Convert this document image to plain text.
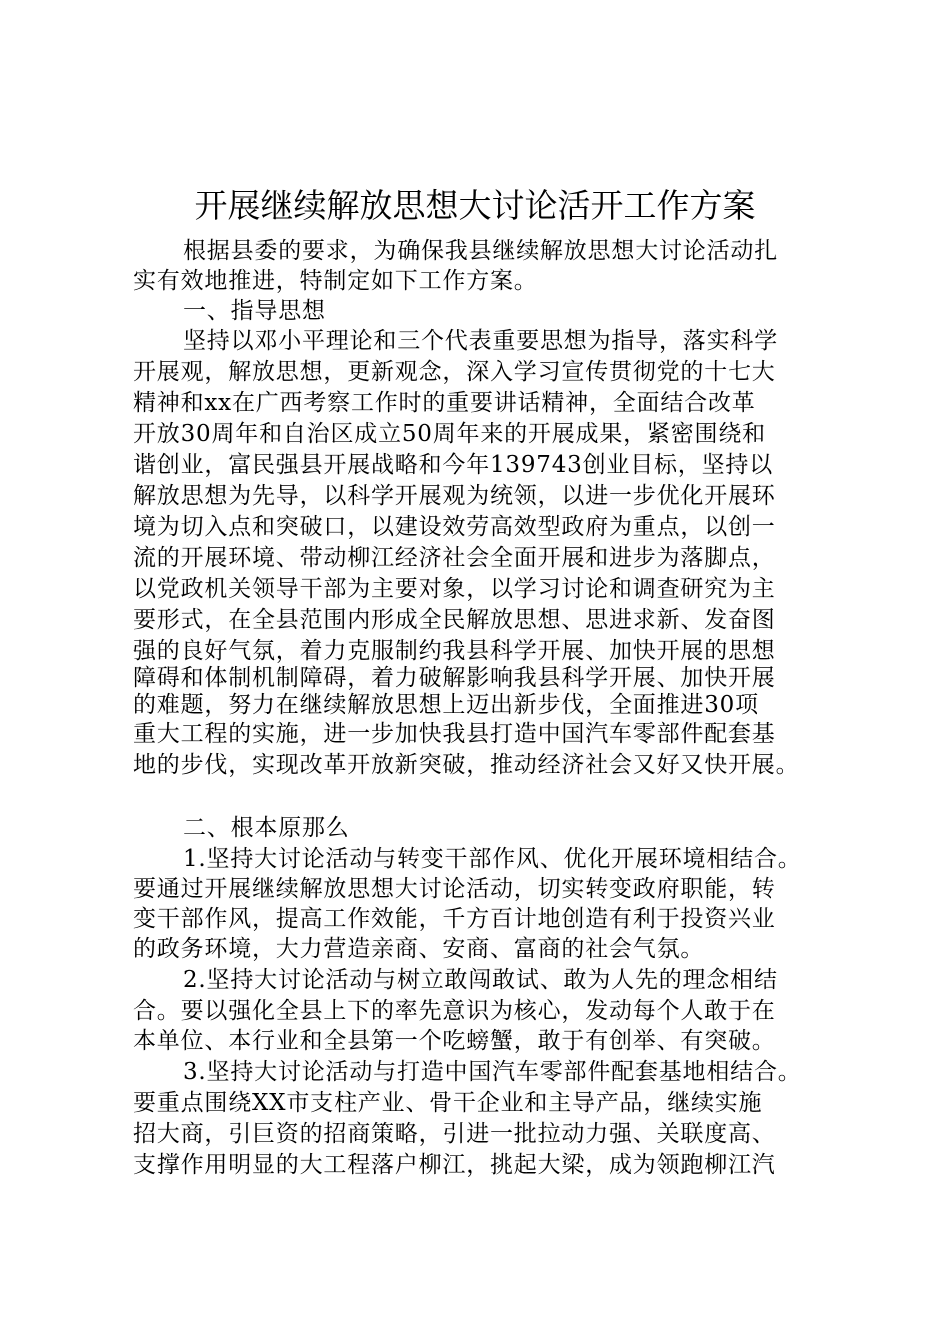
开展继续解放思想大讨论活开工作方案
根据县委的要求，为确保我县继续解放思想大讨论活动扎
实有效地推进，特制定如下工作方案。
一、指导思想
坚持以邓小平理论和三个代表重要思想为指导，落实科学
开展观，解放思想，更新观念，深入学习宣传贯彻党的十七大
精神和xx在广西考察工作时的重要讲话精神，全面结合改革
开放30周年和自治区成立50周年来的开展成果，紧密围绕和
谐创业，富民强县开展战略和今年139743创业目标，坚持以
解放思想为先导，以科学开展观为统领，以进一步优化开展环
境为切入点和突破口，以建设效劳高效型政府为重点，以创一
流的开展环境、带动柳江经济社会全面开展和进步为落脚点，
以党政机关领导干部为主要对象，以学习讨论和调查研究为主
要形式，在全县范围内形成全民解放思想、思进求新、发奋图
强的良好气氛，着力克服制约我县科学开展、加快开展的思想
障碍和体制机制障碍，着力破解影响我县科学开展、加快开展
的难题，努力在继续解放思想上迈出新步伐，全面推进30项
重大工程的实施，进一步加快我县打造中国汽车零部件配套基
地的步伐，实现改革开放新突破，推动经济社会又好又快开展。
二、根本原那么
1.坚持大讨论活动与转变干部作风、优化开展环境相结合。
要通过开展继续解放思想大讨论活动，切实转变政府职能，转
变干部作风，提高工作效能，千方百计地创造有利于投资兴业
的政务环境，大力营造亲商、安商、富商的社会气氛。
2.坚持大讨论活动与树立敢闯敢试、敢为人先的理念相结
合。要以强化全县上下的率先意识为核心，发动每个人敢于在
本单位、本行业和全县第一个吃螃蟹，敢于有创举、有突破。
3.坚持大讨论活动与打造中国汽车零部件配套基地相结合。
要重点围绕XX市支柱产业、骨干企业和主导产品，继续实施
招大商，引巨资的招商策略，引进一批拉动力强、关联度高、
支撑作用明显的大工程落户柳江，挑起大梁，成为领跑柳江汽
